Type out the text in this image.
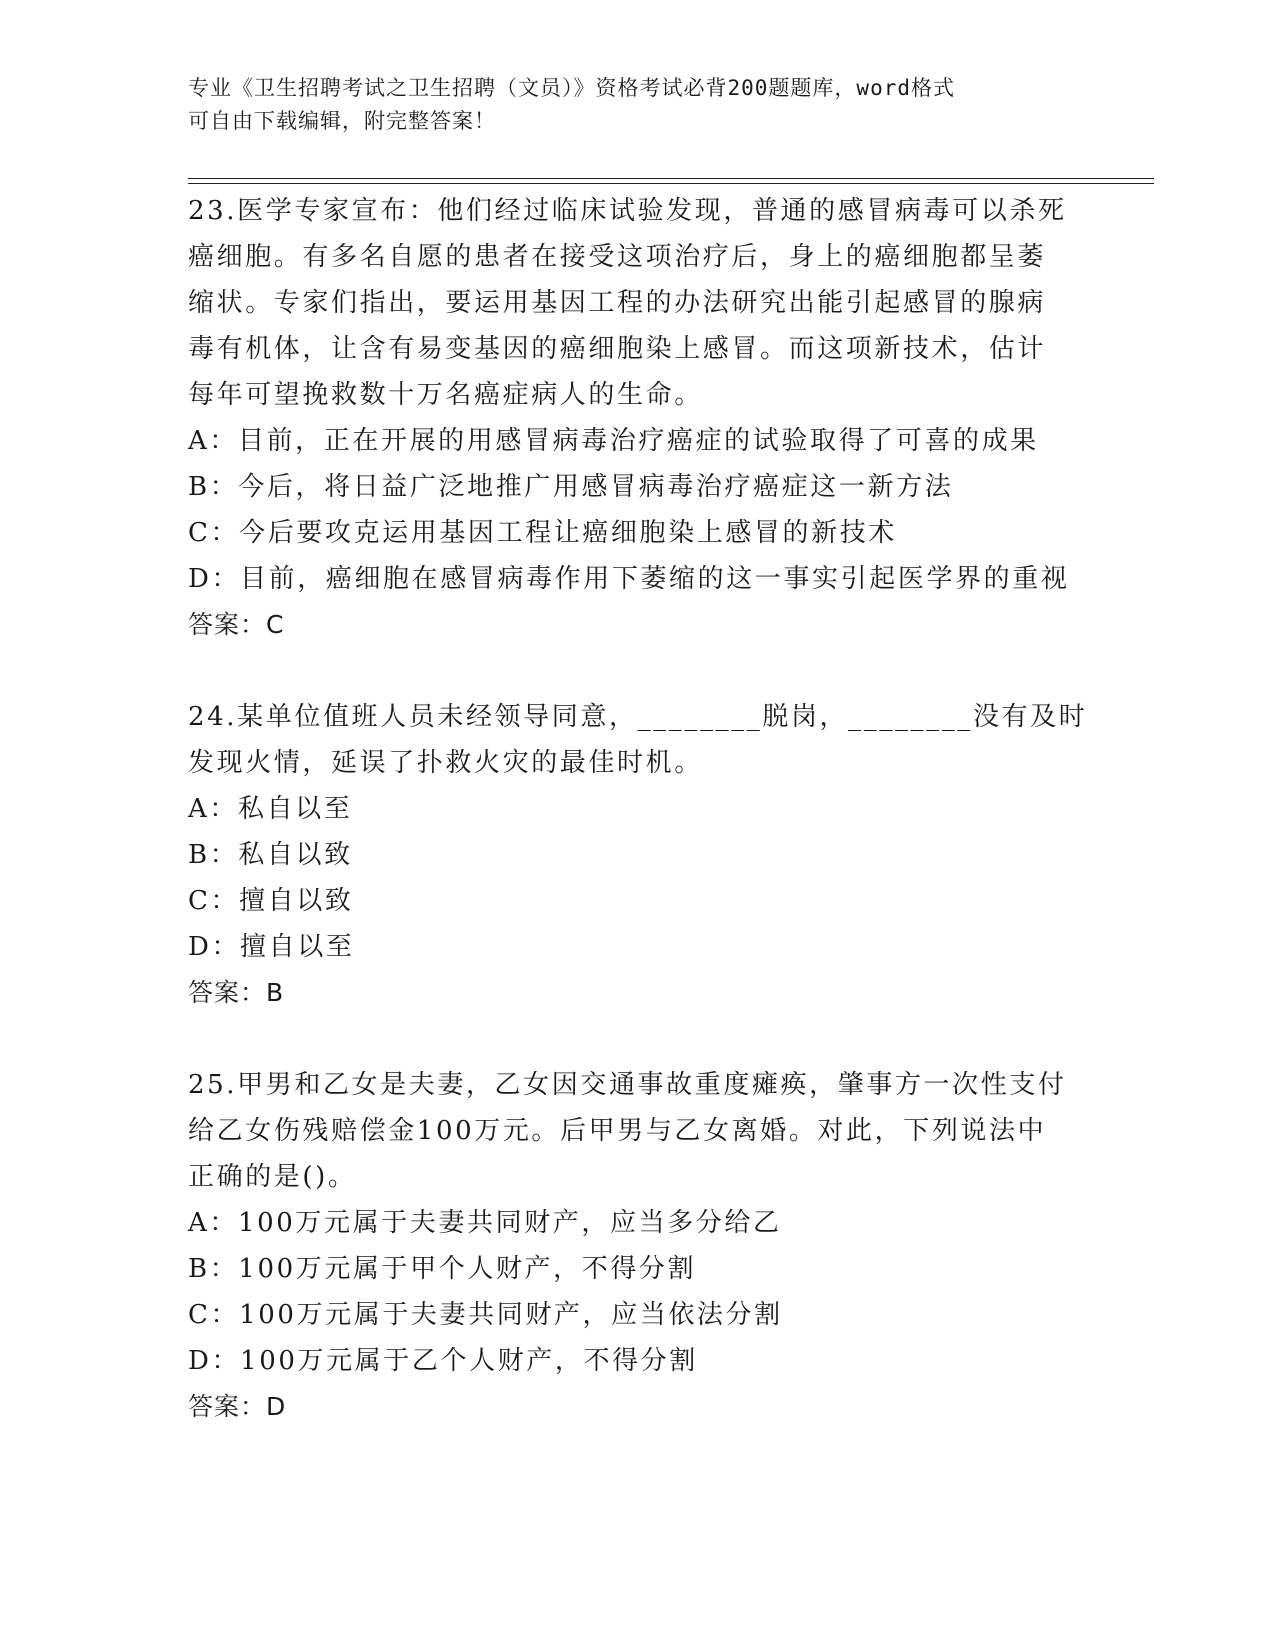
专业《卫生招聘考试之卫生招聘（文员）》资格考试必背200题题库，word格式
可自由下载编辑，附完整答案！
23.医学专家宣布：他们经过临床试验发现，普通的感冒病毒可以杀死
癌细胞。有多名自愿的患者在接受这项治疗后，身上的癌细胞都呈萎
缩状。专家们指出，要运用基因工程的办法研究出能引起感冒的腺病
毒有机体，让含有易变基因的癌细胞染上感冒。而这项新技术，估计
每年可望挽救数十万名癌症病人的生命。
A：目前，正在开展的用感冒病毒治疗癌症的试验取得了可喜的成果
B：今后，将日益广泛地推广用感冒病毒治疗癌症这一新方法
C：今后要攻克运用基因工程让癌细胞染上感冒的新技术
D：目前，癌细胞在感冒病毒作用下萎缩的这一事实引起医学界的重视
答案：C
24.某单位值班人员未经领导同意，________脱岗，________没有及时
发现火情，延误了扑救火灾的最佳时机。
A：私自以至
B：私自以致
C：擅自以致
D：擅自以至
答案：B
25.甲男和乙女是夫妻，乙女因交通事故重度瘫痪，肇事方一次性支付
给乙女伤残赔偿金100万元。后甲男与乙女离婚。对此，下列说法中
正确的是()。
A：100万元属于夫妻共同财产，应当多分给乙
B：100万元属于甲个人财产，不得分割
C：100万元属于夫妻共同财产，应当依法分割
D：100万元属于乙个人财产，不得分割
答案：D
